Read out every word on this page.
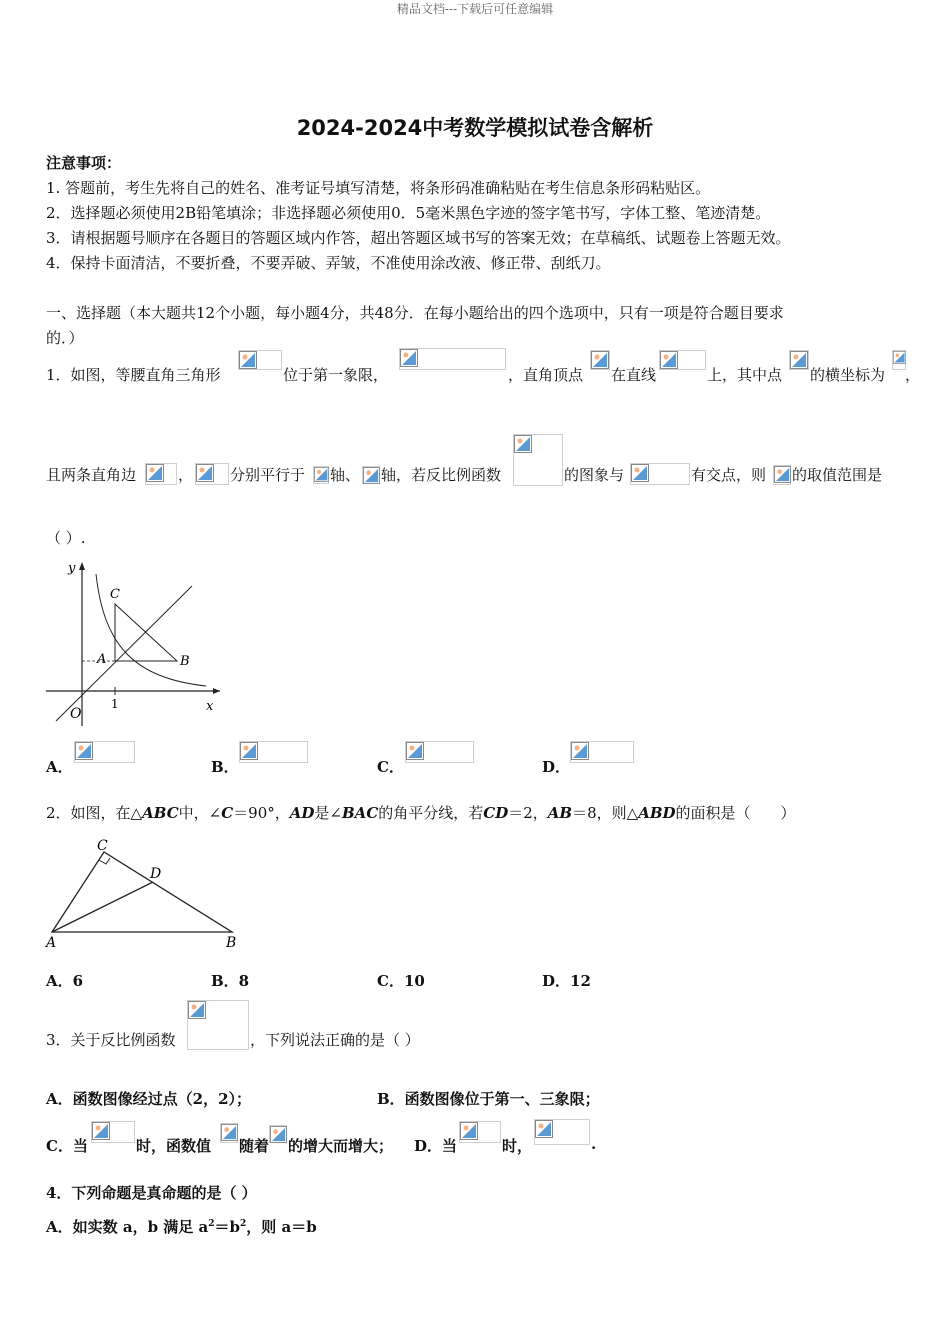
精品文档---下载后可任意编辑
2024-2024中考数学模拟试卷含解析
注意事项：
1. 答题前，考生先将自己的姓名、准考证号填写清楚，将条形码准确粘贴在考生信息条形码粘贴区。
2．选择题必须使用2B铅笔填涂；非选择题必须使用0．5毫米黑色字迹的签字笔书写，字体工整、笔迹清楚。
3．请根据题号顺序在各题目的答题区域内作答，超出答题区域书写的答案无效；在草稿纸、试题卷上答题无效。
4．保持卡面清洁，不要折叠，不要弄破、弄皱，不准使用涂改液、修正带、刮纸刀。
一、选择题（本大题共12个小题，每小题4分，共48分．在每小题给出的四个选项中，只有一项是符合题目要求
的．）
1．如图，等腰直角三角形	位于第一象限，	，直角顶点 在直线	上，其中点 的横坐标为 ，
且两条直角边	， 分别平行于 轴、 轴，若反比例函数	的图象与	有交点，则 的取值范围是
（ ）.
y
x
O
1
A	B
C
A．	B．	C．	D．
2．如图，在△ABC中，∠C＝90°，AD是∠BAC的角平分线，若CD＝2，AB＝8，则△ABD的面积是（　　）
A	B
C
D
A．6	B．8	C．10	D．12
3．关于反比例函数	，下列说法正确的是（ ）
A．函数图像经过点（2，2）；	B．函数图像位于第一、三象限；
C．当	时，函数值 随着 的增大而增大； D．当	时，	.
4．下列命题是真命题的是（ ）
A．如实数 a，b 满足 $a^2=b^2$，则 a＝b
